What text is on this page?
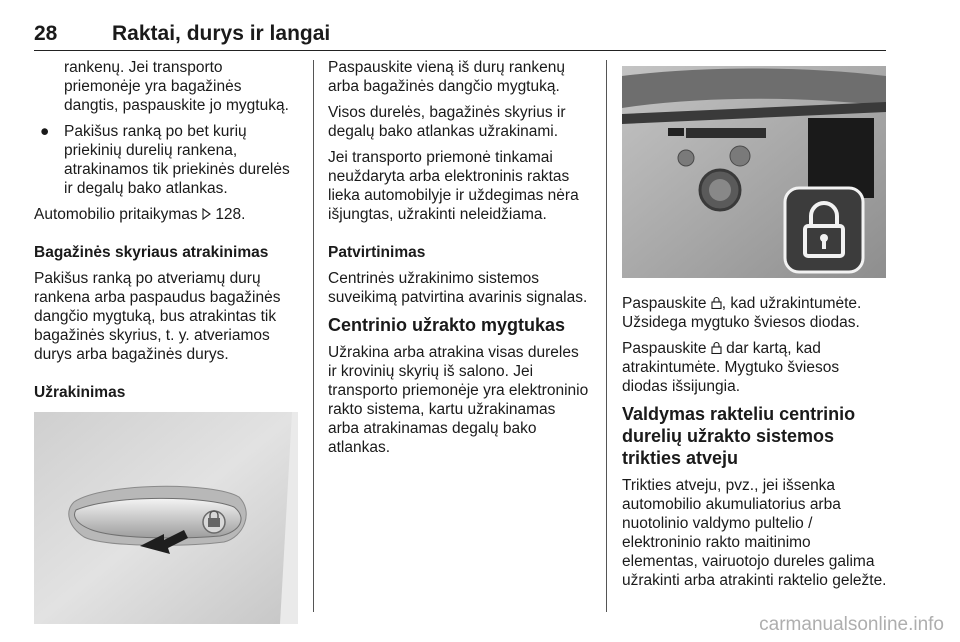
28	Raktai, durys ir langai

rankenų. Jei transporto priemonėje yra bagažinės dangtis, paspauskite jo mygtuką.

● Pakišus ranką po bet kurių priekinių durelių rankena, atrakinamos tik priekinės durelės ir degalų bako atlankas.

Automobilio pritaikymas 128.

Bagažinės skyriaus atrakinimas

Pakišus ranką po atveriamų durų rankena arba paspaudus bagažinės dangčio mygtuką, bus atrakintas tik bagažinės skyrius, t. y. atveriamos durys arba bagažinės durys.

Užrakinimas

Paspauskite vieną iš durų rankenų arba bagažinės dangčio mygtuką.

Visos durelės, bagažinės skyrius ir degalų bako atlankas užrakinami.

Jei transporto priemonė tinkamai neuždaryta arba elektroninis raktas lieka automobilyje ir uždegimas nėra išjungtas, užrakinti neleidžiama.

Patvirtinimas

Centrinės užrakinimo sistemos suveikimą patvirtina avarinis signalas.

Centrinio užrakto mygtukas

Užrakina arba atrakina visas dureles ir krovinių skyrių iš salono. Jei transporto priemonėje yra elektroninio rakto sistema, kartu užrakinamas arba atrakinamas degalų bako atlankas.

Paspauskite , kad užrakintumėte. Užsidega mygtuko šviesos diodas.

Paspauskite dar kartą, kad atrakintumėte. Mygtuko šviesos diodas išsijungia.

Valdymas rakteliu centrinio durelių užrakto sistemos trikties atveju

Trikties atveju, pvz., jei išsenka automobilio akumuliatorius arba nuotolinio valdymo pultelio / elektroninio rakto maitinimo elementas, vairuotojo dureles galima užrakinti arba atrakinti raktelio geležte.

carmanualsonline.info
